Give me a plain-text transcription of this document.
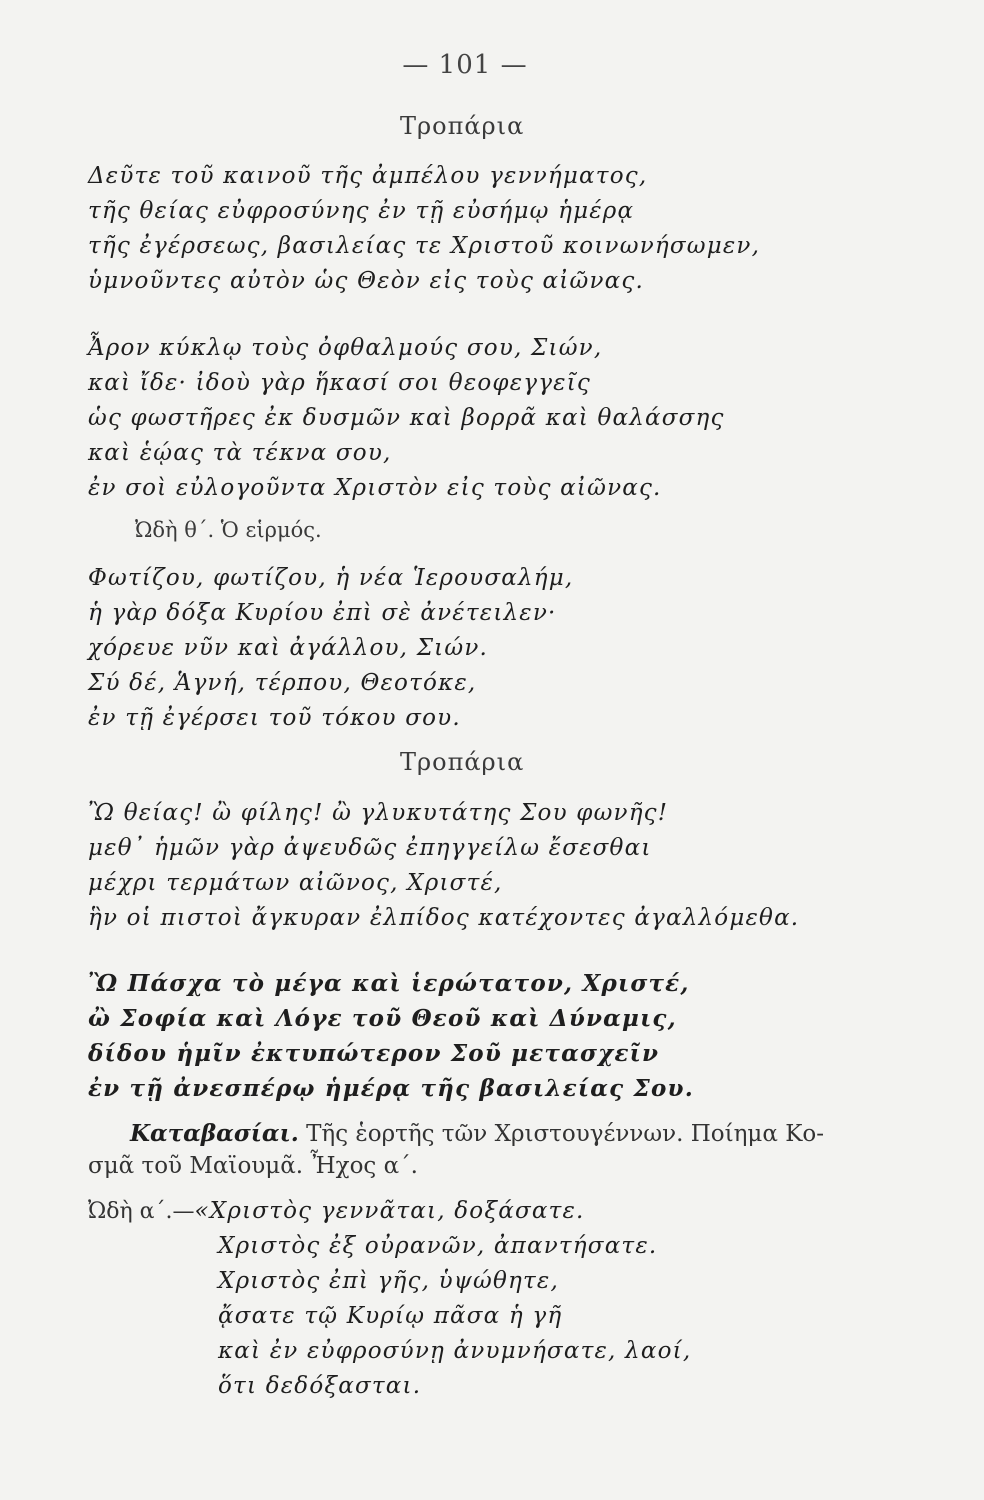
— 101 —
Τροπάρια
Δεῦτε τοῦ καινοῦ τῆς ἀμπέλου γεννήματος,
τῆς θείας εὐφροσύνης ἐν τῇ εὐσήμῳ ἡμέρᾳ
τῆς ἐγέρσεως, βασιλείας τε Χριστοῦ κοινωνήσωμεν,
ὑμνοῦντες αὐτὸν ὡς Θεὸν εἰς τοὺς αἰῶνας.
Ἆρον κύκλῳ τοὺς ὀφθαλμούς σου, Σιών,
καὶ ἴδε· ἰδοὺ γὰρ ἥκασί σοι θεοφεγγεῖς
ὡς φωστῆρες ἐκ δυσμῶν καὶ βορρᾶ καὶ θαλάσσης
καὶ ἑῴας τὰ τέκνα σου,
ἐν σοὶ εὐλογοῦντα Χριστὸν εἰς τοὺς αἰῶνας.
Ὠδὴ θ΄. Ὁ εἱρμός.
Φωτίζου, φωτίζου, ἡ νέα Ἱερουσαλήμ,
ἡ γὰρ δόξα Κυρίου ἐπὶ σὲ ἀνέτειλεν·
χόρευε νῦν καὶ ἀγάλλου, Σιών.
Σύ δέ, Ἁγνή, τέρπου, Θεοτόκε,
ἐν τῇ ἐγέρσει τοῦ τόκου σου.
Τροπάρια
Ὢ θείας! ὢ φίλης! ὢ γλυκυτάτης Σου φωνῆς!
μεθ᾿ ἡμῶν γὰρ ἀψευδῶς ἐπηγγείλω ἔσεσθαι
μέχρι τερμάτων αἰῶνος, Χριστέ,
ἣν οἱ πιστοὶ ἄγκυραν ἐλπίδος κατέχοντες ἀγαλλόμεθα.
Ὢ Πάσχα τὸ μέγα καὶ ἱερώτατον, Χριστέ,
ὢ Σοφία καὶ Λόγε τοῦ Θεοῦ καὶ Δύναμις,
δίδου ἡμῖν ἐκτυπώτερον Σοῦ μετασχεῖν
ἐν τῇ ἀνεσπέρῳ ἡμέρᾳ τῆς βασιλείας Σου.
Καταβασίαι. Τῆς ἑορτῆς τῶν Χριστουγέννων. Ποίημα Κο-
σμᾶ τοῦ Μαϊουμᾶ. Ἦχος α΄.
Ὠδὴ α΄.—«Χριστὸς γεννᾶται, δοξάσατε.
Χριστὸς ἐξ οὐρανῶν, ἀπαντήσατε.
Χριστὸς ἐπὶ γῆς, ὑψώθητε,
ᾄσατε τῷ Κυρίῳ πᾶσα ἡ γῆ
καὶ ἐν εὐφροσύνῃ ἀνυμνήσατε, λαοί,
ὅτι δεδόξασται.
